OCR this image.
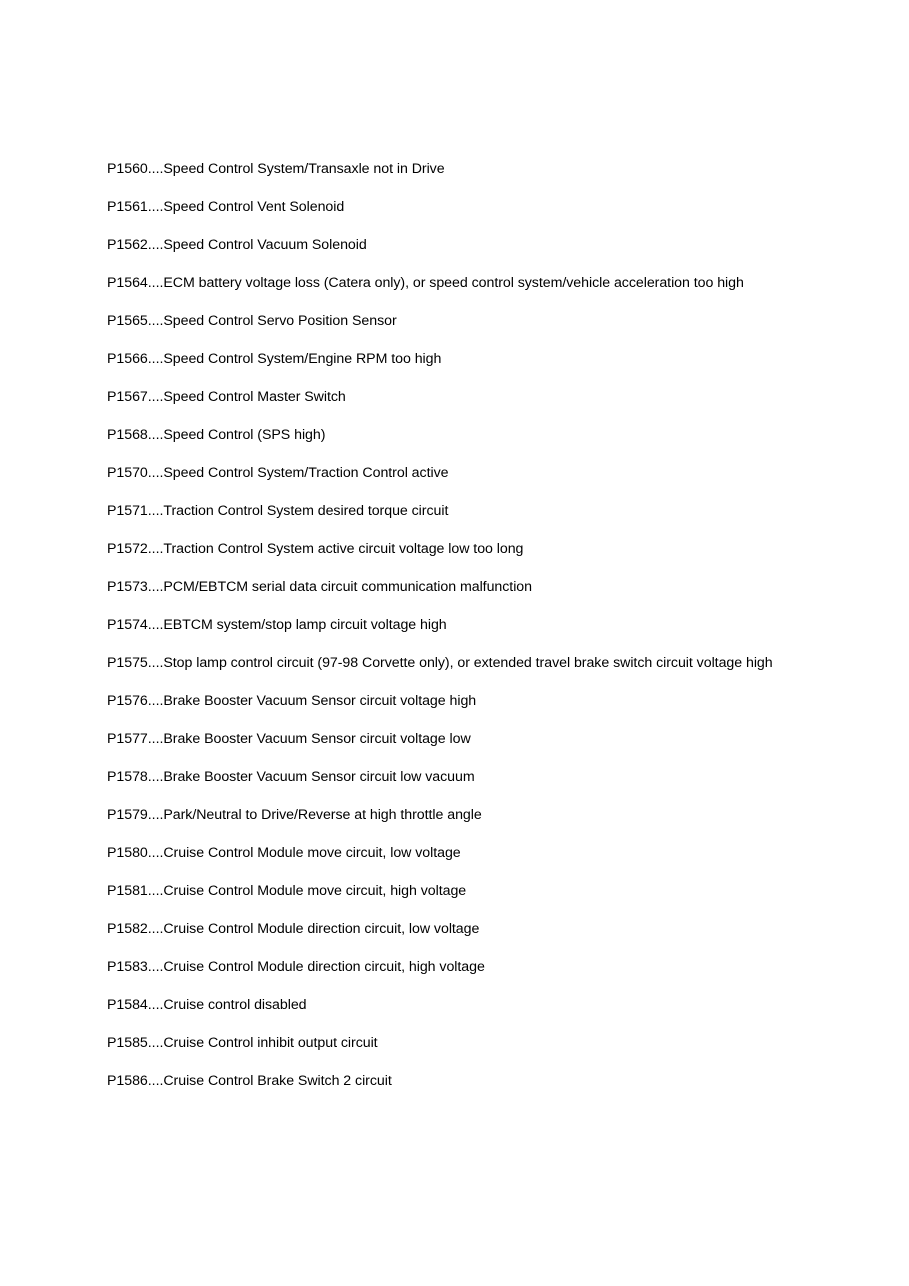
P1560....Speed Control System/Transaxle not in Drive
P1561....Speed Control Vent Solenoid
P1562....Speed Control Vacuum Solenoid
P1564....ECM battery voltage loss (Catera only), or speed control system/vehicle acceleration too high
P1565....Speed Control Servo Position Sensor
P1566....Speed Control System/Engine RPM too high
P1567....Speed Control Master Switch
P1568....Speed Control (SPS high)
P1570....Speed Control System/Traction Control active
P1571....Traction Control System desired torque circuit
P1572....Traction Control System active circuit voltage low too long
P1573....PCM/EBTCM serial data circuit communication malfunction
P1574....EBTCM system/stop lamp circuit voltage high
P1575....Stop lamp control circuit (97-98 Corvette only), or extended travel brake switch circuit voltage high
P1576....Brake Booster Vacuum Sensor circuit voltage high
P1577....Brake Booster Vacuum Sensor circuit voltage low
P1578....Brake Booster Vacuum Sensor circuit low vacuum
P1579....Park/Neutral to Drive/Reverse at high throttle angle
P1580....Cruise Control Module move circuit, low voltage
P1581....Cruise Control Module move circuit, high voltage
P1582....Cruise Control Module direction circuit, low voltage
P1583....Cruise Control Module direction circuit, high voltage
P1584....Cruise control disabled
P1585....Cruise Control inhibit output circuit
P1586....Cruise Control Brake Switch 2 circuit
